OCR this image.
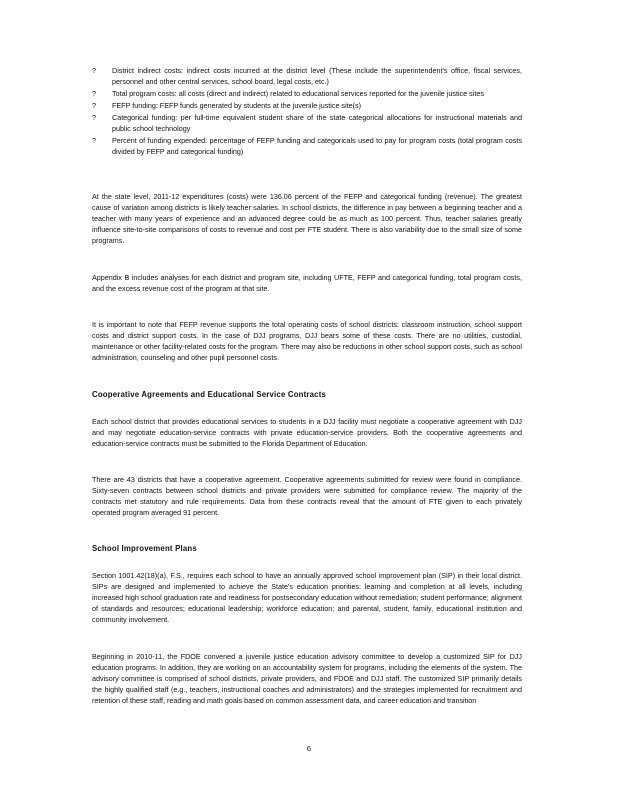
? District indirect costs: indirect costs incurred at the district level (These include the superintendent's office, fiscal services, personnel and other central services, school board, legal costs, etc.)
? Total program costs: all costs (direct and indirect) related to educational services reported for the juvenile justice sites
? FEFP funding: FEFP funds generated by students at the juvenile justice site(s)
? Categorical funding: per full-time equivalent student share of the state categorical allocations for instructional materials and public school technology
? Percent of funding expended: percentage of FEFP funding and categoricals used to pay for program costs (total program costs divided by FEFP and categorical funding)

At the state level, 2011-12 expenditures (costs) were 136.06 percent of the FEFP and categorical funding (revenue). The greatest cause of variation among districts is likely teacher salaries. In school districts, the difference in pay between a beginning teacher and a teacher with many years of experience and an advanced degree could be as much as 100 percent. Thus, teacher salaries greatly influence site-to-site comparisons of costs to revenue and cost per FTE student. There is also variability due to the small size of some programs.

Appendix B includes analyses for each district and program site, including UFTE, FEFP and categorical funding, total program costs, and the excess revenue cost of the program at that site.

It is important to note that FEFP revenue supports the total operating costs of school districts: classroom instruction, school support costs and district support costs. In the case of DJJ programs, DJJ bears some of these costs. There are no utilities, custodial, maintenance or other facility-related costs for the program. There may also be reductions in other school support costs, such as school administration, counseling and other pupil personnel costs.

Cooperative Agreements and Educational Service Contracts

Each school district that provides educational services to students in a DJJ facility must negotiate a cooperative agreement with DJJ and may negotiate education-service contracts with private education-service providers. Both the cooperative agreements and education-service contracts must be submitted to the Florida Department of Education.

There are 43 districts that have a cooperative agreement. Cooperative agreements submitted for review were found in compliance. Sixty-seven contracts between school districts and private providers were submitted for compliance review. The majority of the contracts met statutory and rule requirements. Data from these contracts reveal that the amount of FTE given to each privately operated program averaged 91 percent.

School Improvement Plans

Section 1001.42(18)(a), F.S., requires each school to have an annually approved school improvement plan (SIP) in their local district. SIPs are designed and implemented to achieve the State's education priorities: learning and completion at all levels, including increased high school graduation rate and readiness for postsecondary education without remediation; student performance; alignment of standards and resources; educational leadership; workforce education; and parental, student, family, educational institution and community involvement.

Beginning in 2010-11, the FDOE convened a juvenile justice education advisory committee to develop a customized SIP for DJJ education programs. In addition, they are working on an accountability system for programs, including the elements of the system. The advisory committee is comprised of school districts, private providers, and FDOE and DJJ staff. The customized SIP primarily details the highly qualified staff (e.g., teachers, instructional coaches and administrators) and the strategies implemented for recruitment and retention of these staff, reading and math goals based on common assessment data, and career education and transition

6
